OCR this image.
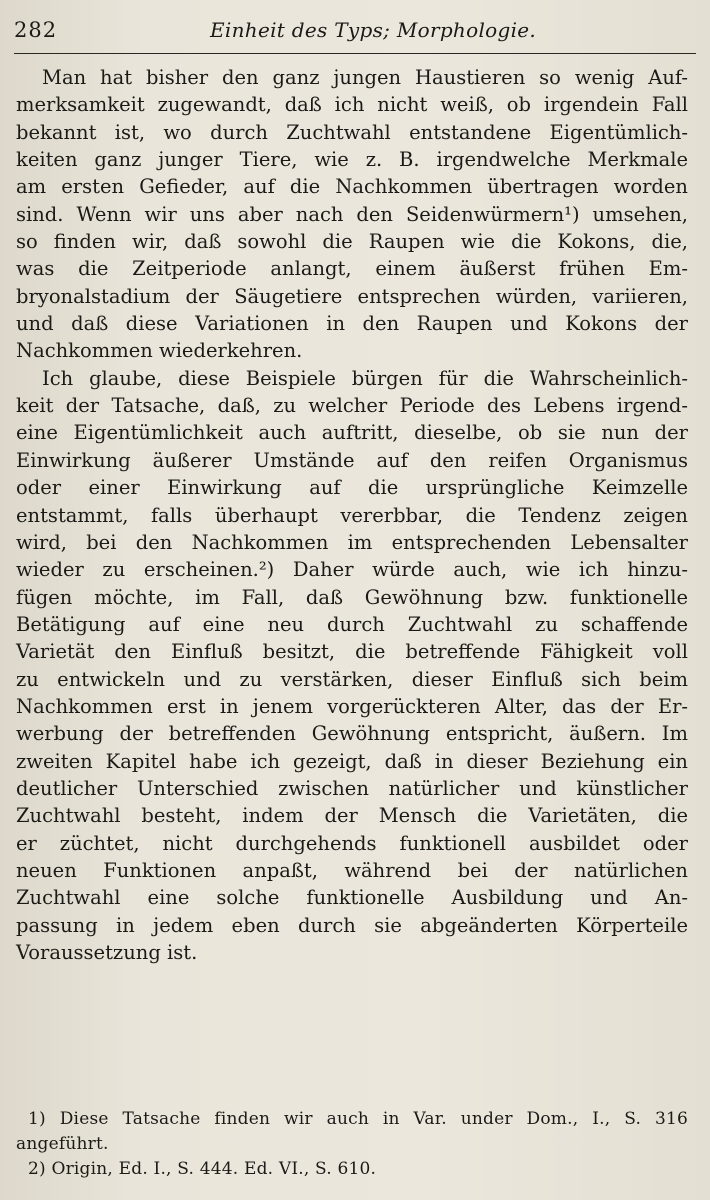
282	Einheit des Typs; Morphologie.
Man hat bisher den ganz jungen Haustieren so wenig Auf-
merksamkeit zugewandt, daß ich nicht weiß, ob irgendein Fall
bekannt ist, wo durch Zuchtwahl entstandene Eigentümlich-
keiten ganz junger Tiere, wie z. B. irgendwelche Merkmale
am ersten Gefieder, auf die Nachkommen übertragen worden
sind. Wenn wir uns aber nach den Seidenwürmern¹) umsehen,
so finden wir, daß sowohl die Raupen wie die Kokons, die,
was die Zeitperiode anlangt, einem äußerst frühen Em-
bryonalstadium der Säugetiere entsprechen würden, variieren,
und daß diese Variationen in den Raupen und Kokons der
Nachkommen wiederkehren.
Ich glaube, diese Beispiele bürgen für die Wahrscheinlich-
keit der Tatsache, daß, zu welcher Periode des Lebens irgend-
eine Eigentümlichkeit auch auftritt, dieselbe, ob sie nun der
Einwirkung äußerer Umstände auf den reifen Organismus
oder einer Einwirkung auf die ursprüngliche Keimzelle
entstammt, falls überhaupt vererbbar, die Tendenz zeigen
wird, bei den Nachkommen im entsprechenden Lebensalter
wieder zu erscheinen.²) Daher würde auch, wie ich hinzu-
fügen möchte, im Fall, daß Gewöhnung bzw. funktionelle
Betätigung auf eine neu durch Zuchtwahl zu schaffende
Varietät den Einfluß besitzt, die betreffende Fähigkeit voll
zu entwickeln und zu verstärken, dieser Einfluß sich beim
Nachkommen erst in jenem vorgerückteren Alter, das der Er-
werbung der betreffenden Gewöhnung entspricht, äußern. Im
zweiten Kapitel habe ich gezeigt, daß in dieser Beziehung ein
deutlicher Unterschied zwischen natürlicher und künstlicher
Zuchtwahl besteht, indem der Mensch die Varietäten, die
er züchtet, nicht durchgehends funktionell ausbildet oder
neuen Funktionen anpaßt, während bei der natürlichen
Zuchtwahl eine solche funktionelle Ausbildung und An-
passung in jedem eben durch sie abgeänderten Körperteile
Voraussetzung ist.
1) Diese Tatsache finden wir auch in Var. under Dom., I., S. 316
angeführt.
2) Origin, Ed. I., S. 444. Ed. VI., S. 610.
